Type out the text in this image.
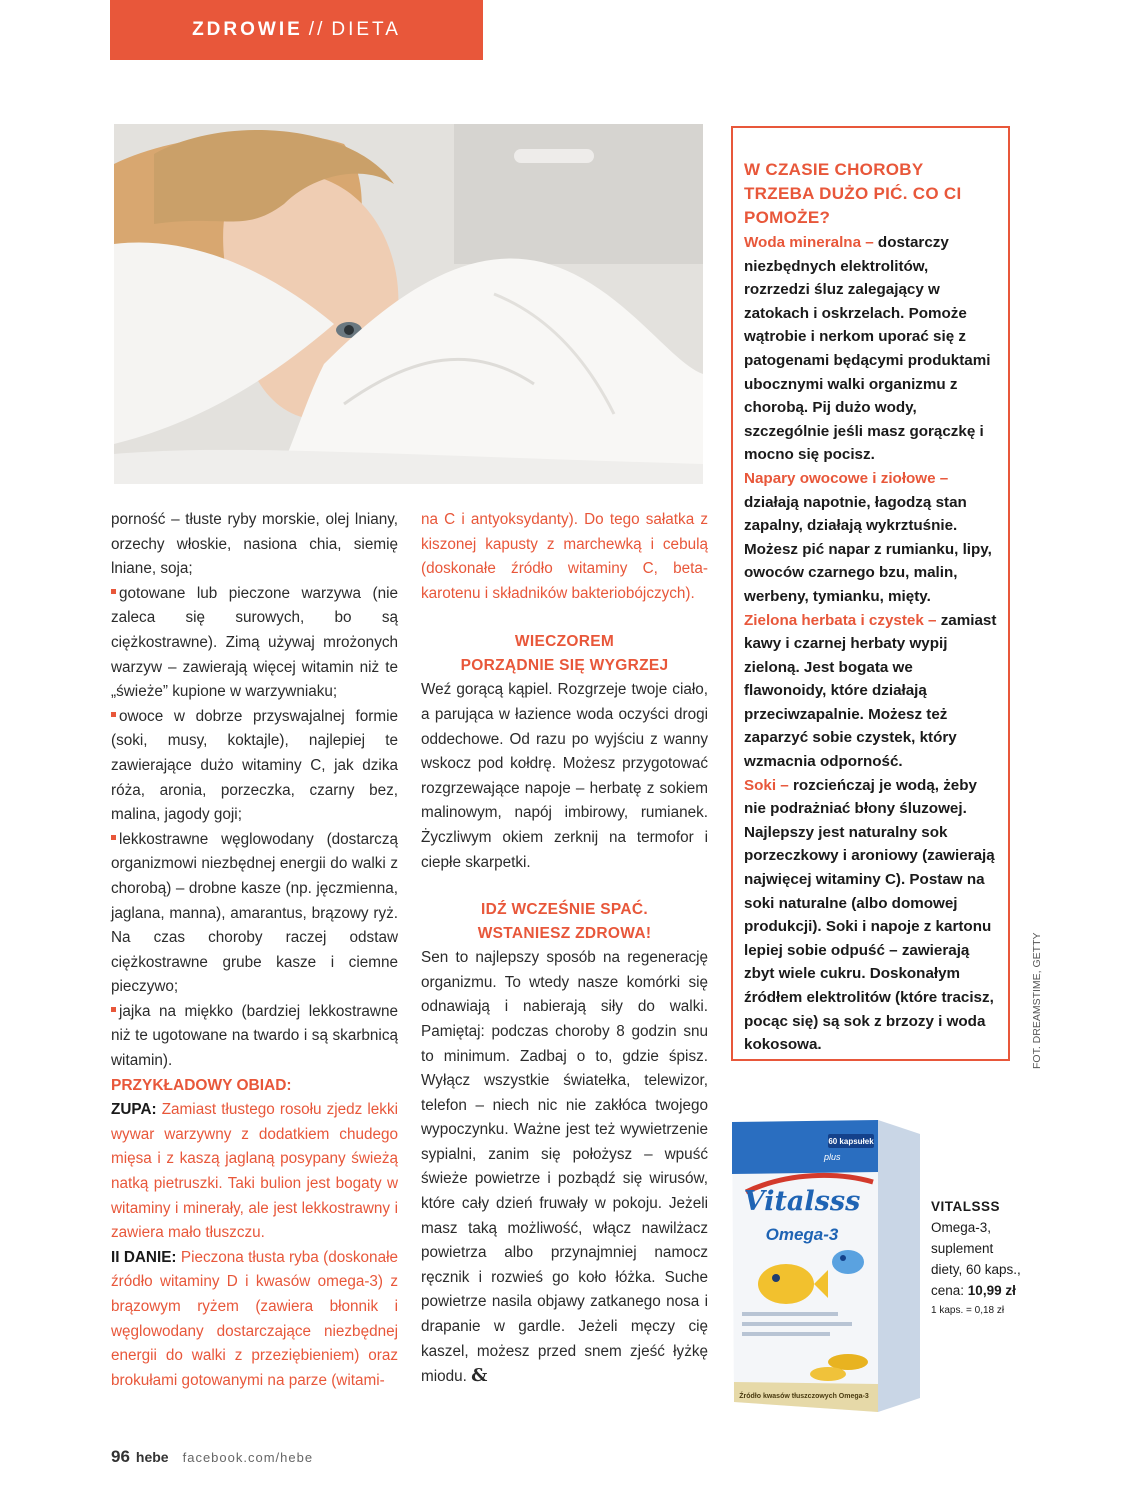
ZDROWIE // DIETA

porność – tłuste ryby morskie, olej lniany, orzechy włoskie, nasiona chia, siemię lniane, soja;

gotowane lub pieczone warzywa (nie zaleca się surowych, bo są ciężkostrawne). Zimą używaj mrożonych warzyw – zawierają więcej witamin niż te „świeże” kupione w warzywniaku;

owoce w dobrze przyswajalnej formie (soki, musy, koktajle), najlepiej te zawierające dużo witaminy C, jak dzika róża, aronia, porzeczka, czarny bez, malina, jagody goji;

lekkostrawne węglowodany (dostarczą organizmowi niezbędnej energii do walki z chorobą) – drobne kasze (np. jęczmienna, jaglana, manna), amarantus, brązowy ryż. Na czas choroby raczej odstaw ciężkostrawne grube kasze i ciemne pieczywo;

jajka na miękko (bardziej lekkostrawne niż te ugotowane na twardo i są skarbnicą witamin).

PRZYKŁADOWY OBIAD:

ZUPA: Zamiast tłustego rosołu zjedz lekki wywar warzywny z dodatkiem chudego mięsa i z kaszą jaglaną posypany świeżą natką pietruszki. Taki bulion jest bogaty w witaminy i minerały, ale jest lekkostrawny i zawiera mało tłuszczu.

II DANIE: Pieczona tłusta ryba (doskonałe źródło witaminy D i kwasów omega-3) z brązowym ryżem (zawiera błonnik i węglowodany dostarczające niezbędnej energii do walki z przeziębieniem) oraz brokułami gotowanymi na parze (witami-

na C i antyoksydanty). Do tego sałatka z kiszonej kapusty z marchewką i cebulą (doskonałe źródło witaminy C, beta-karotenu i składników bakteriobójczych).

WIECZOREM
PORZĄDNIE SIĘ WYGRZEJ

Weź gorącą kąpiel. Rozgrzeje twoje ciało, a parująca w łazience woda oczyści drogi oddechowe. Od razu po wyjściu z wanny wskocz pod kołdrę. Możesz przygotować rozgrzewające napoje – herbatę z sokiem malinowym, napój imbirowy, rumianek. Życzliwym okiem zerknij na termofor i ciepłe skarpetki.

IDŹ WCZEŚNIE SPAĆ.
WSTANIESZ ZDROWA!

Sen to najlepszy sposób na regenerację organizmu. To wtedy nasze komórki się odnawiają i nabierają siły do walki. Pamiętaj: podczas choroby 8 godzin snu to minimum. Zadbaj o to, gdzie śpisz. Wyłącz wszystkie światełka, telewizor, telefon – niech nic nie zakłóca twojego wypoczynku. Ważne jest też wywietrzenie sypialni, zanim się położysz – wpuść świeże powietrze i pozbądź się wirusów, które cały dzień fruwały w pokoju. Jeżeli masz taką możliwość, włącz nawilżacz powietrza albo przynajmniej namocz ręcznik i rozwieś go koło łóżka. Suche powietrze nasila objawy zatkanego nosa i drapanie w gardle. Jeżeli męczy cię kaszel, możesz przed snem zjeść łyżkę miodu. &

W CZASIE CHOROBY TRZEBA DUŻO PIĆ. CO CI POMOŻE?

Woda mineralna – dostarczy niezbędnych elektrolitów, rozrzedzi śluz zalegający w zatokach i oskrzelach. Pomoże wątrobie i nerkom uporać się z patogenami będącymi produktami ubocznymi walki organizmu z chorobą. Pij dużo wody, szczególnie jeśli masz gorączkę i mocno się pocisz.

Napary owocowe i ziołowe – działają napotnie, łagodzą stan zapalny, działają wykrztuśnie. Możesz pić napar z rumianku, lipy, owoców czarnego bzu, malin, werbeny, tymianku, mięty.

Zielona herbata i czystek – zamiast kawy i czarnej herbaty wypij zieloną. Jest bogata we flawonoidy, które działają przeciwzapalnie. Możesz też zaparzyć sobie czystek, który wzmacnia odporność.

Soki – rozcieńczaj je wodą, żeby nie podrażniać błony śluzowej. Najlepszy jest naturalny sok porzeczkowy i aroniowy (zawierają najwięcej witaminy C). Postaw na soki naturalne (albo domowej produkcji). Soki i napoje z kartonu lepiej sobie odpuść – zawierają zbyt wiele cukru. Doskonałym źródłem elektrolitów (które tracisz, pocąc się) są sok z brzozy i woda kokosowa.	FOT. DREAMSTIME, GETTY
60 kapsułek
plus
Vitalsss
Omega-3
Źródło kwasów tłuszczowych Omega-3
VITALSSS
Omega-3,
suplement
diety, 60 kaps.,
cena: 10,99 zł
1 kaps. = 0,18 zł
96 hebe facebook.com/hebe
